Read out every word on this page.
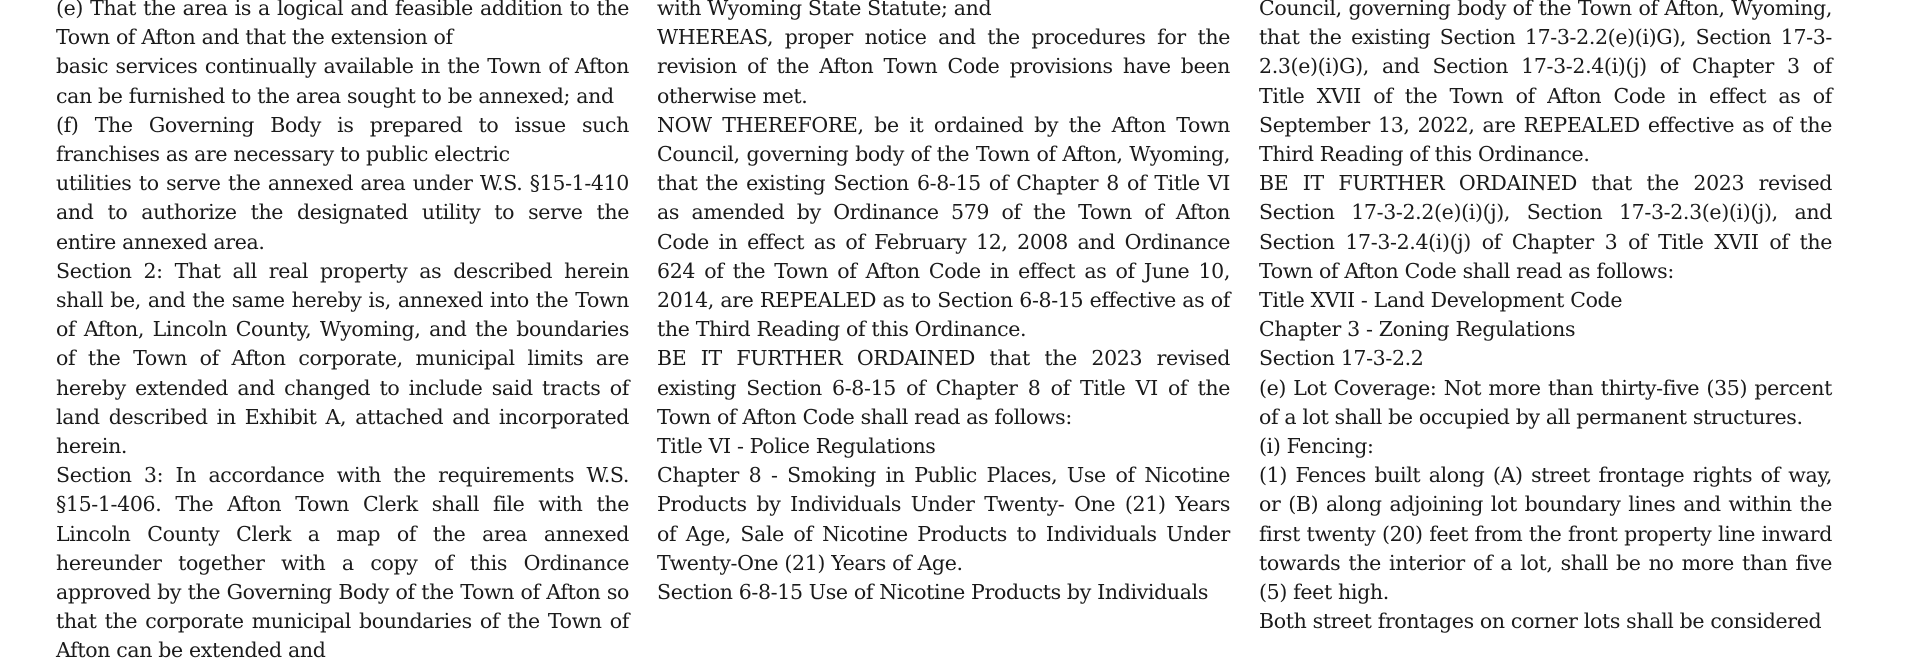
(e) That the area is a logical and feasible addition to the Town of Afton and that the extension of

basic services continually available in the Town of Afton can be furnished to the area sought to be annexed; and

(f) The Governing Body is prepared to issue such franchises as are necessary to public electric

utilities to serve the annexed area under W.S. §15-1-410 and to authorize the designated utility to serve the entire annexed area.

Section 2: That all real property as described herein shall be, and the same hereby is, annexed into the Town of Afton, Lincoln County, Wyoming, and the boundaries of the Town of Afton corporate, municipal limits are hereby extended and changed to include said tracts of land described in Exhibit A, attached and incorporated herein.

Section 3: In accordance with the requirements W.S. §15-1-406. The Afton Town Clerk shall file with the Lincoln County Clerk a map of the area annexed hereunder together with a copy of this Ordinance approved by the Governing Body of the Town of Afton so that the corporate municipal boundaries of the Town of Afton can be extended and

with Wyoming State Statute; and

WHEREAS, proper notice and the procedures for the revision of the Afton Town Code provisions have been otherwise met.

NOW THEREFORE, be it ordained by the Afton Town Council, governing body of the Town of Afton, Wyoming, that the existing Section 6-8-15 of Chapter 8 of Title VI as amended by Ordinance 579 of the Town of Afton Code in effect as of February 12, 2008 and Ordinance 624 of the Town of Afton Code in effect as of June 10, 2014, are REPEALED as to Section 6-8-15 effective as of the Third Reading of this Ordinance.

BE IT FURTHER ORDAINED that the 2023 revised existing Section 6-8-15 of Chapter 8 of Title VI of the Town of Afton Code shall read as follows:

Title VI - Police Regulations

Chapter 8 - Smoking in Public Places, Use of Nicotine Products by Individuals Under Twenty- One (21) Years of Age, Sale of Nicotine Products to Individuals Under Twenty-One (21) Years of Age.

Section 6-8-15 Use of Nicotine Products by Individuals

Council, governing body of the Town of Afton, Wyoming, that the existing Section 17-3-2.2(e)(i)G), Section 17-3-2.3(e)(i)G), and Section 17-3-2.4(i)(j) of Chapter 3 of Title XVII of the Town of Afton Code in effect as of September 13, 2022, are REPEALED effective as of the Third Reading of this Ordinance.

BE IT FURTHER ORDAINED that the 2023 revised Section 17-3-2.2(e)(i)(j), Section 17-3-2.3(e)(i)(j), and Section 17-3-2.4(i)(j) of Chapter 3 of Title XVII of the Town of Afton Code shall read as follows:

Title XVII - Land Development Code

Chapter 3 - Zoning Regulations

Section 17-3-2.2

(e) Lot Coverage: Not more than thirty-five (35) percent of a lot shall be occupied by all permanent structures.

(i) Fencing:

(1) Fences built along (A) street frontage rights of way, or (B) along adjoining lot boundary lines and within the first twenty (20) feet from the front property line inward towards the interior of a lot, shall be no more than five (5) feet high.

Both street frontages on corner lots shall be considered
